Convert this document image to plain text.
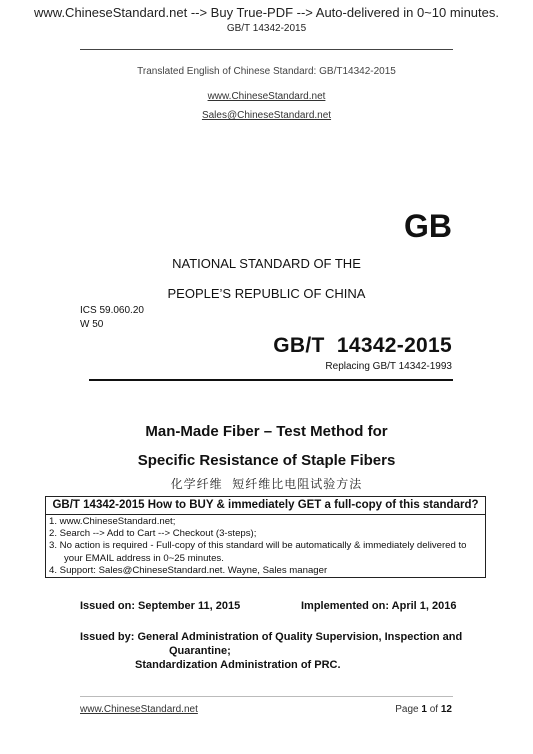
www.ChineseStandard.net --> Buy True-PDF --> Auto-delivered in 0~10 minutes.
GB/T 14342-2015
Translated English of Chinese Standard: GB/T14342-2015
www.ChineseStandard.net
Sales@ChineseStandard.net
GB
NATIONAL STANDARD OF THE
PEOPLE’S REPUBLIC OF CHINA
ICS 59.060.20
W 50
GB/T  14342-2015
Replacing GB/T 14342-1993
Man-Made Fiber – Test Method for
Specific Resistance of Staple Fibers
化学纤维  短纤维比电阻试验方法
GB/T 14342-2015 How to BUY & immediately GET a full-copy of this standard?
1. www.ChineseStandard.net;
2. Search --> Add to Cart --> Checkout (3-steps);
3. No action is required - Full-copy of this standard will be automatically & immediately delivered to
your EMAIL address in 0~25 minutes.
4. Support: Sales@ChineseStandard.net. Wayne, Sales manager
Issued on: September 11, 2015	Implemented on: April 1, 2016
Issued by: General Administration of Quality Supervision, Inspection and
Quarantine;
Standardization Administration of PRC.
www.ChineseStandard.net	Page 1 of 12
